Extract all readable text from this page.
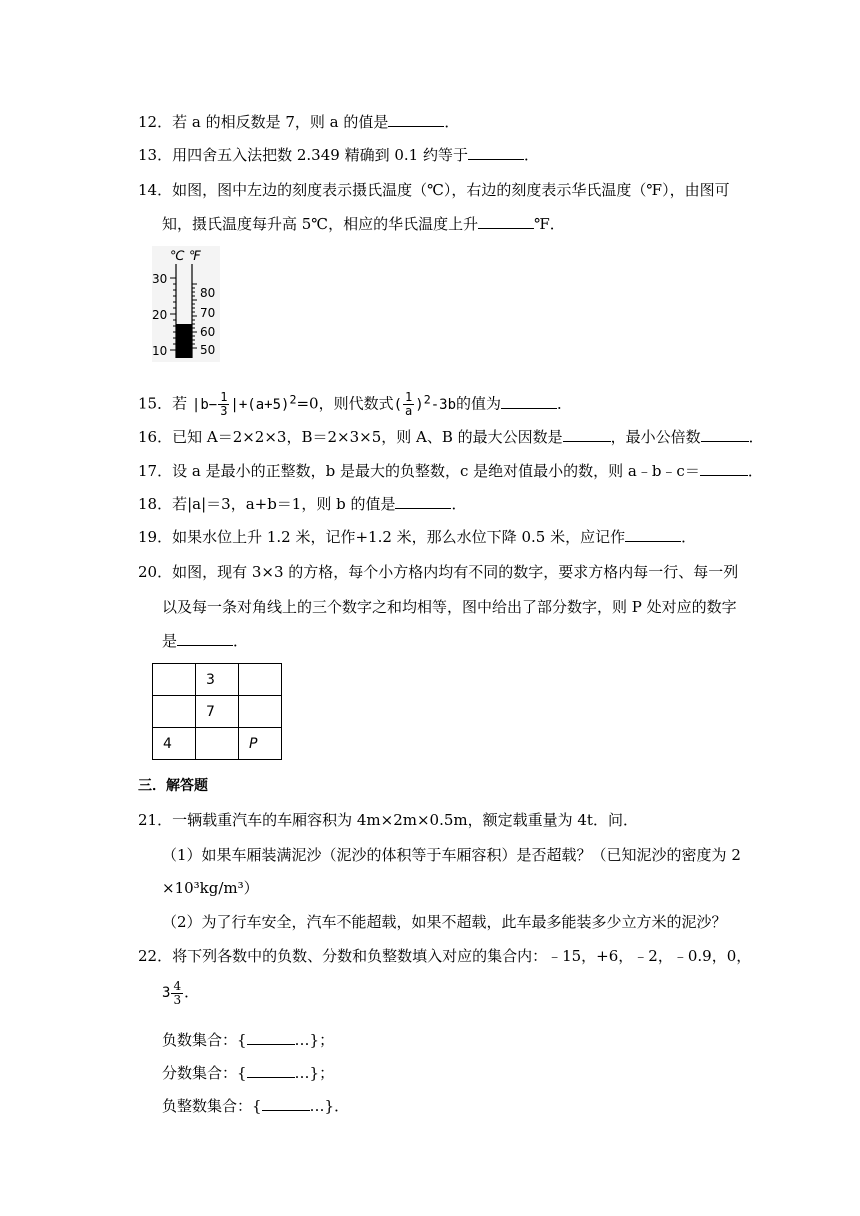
12．若 a 的相反数是 7，则 a 的值是	．
13．用四舍五入法把数 2.349 精确到 0.1 约等于	．
14．如图，图中左边的刻度表示摄氏温度（℃），右边的刻度表示华氏温度（℉），由图可
知，摄氏温度每升高 5℃，相应的华氏温度上升	℉．
℃ ℉
30
20
10
80
70
60
50
15．若 $|b- \frac{1}{3} |+(a+5)^2=0$，则代数式( $\frac{1}{a} )^2-3b$的值为	．
16．已知 A＝2×2×3，B＝2×3×5，则 A、B 的最大公因数是	，最小公倍数	．
17．设 a 是最小的正整数，b 是最大的负整数，c 是绝对值最小的数，则 a﹣b﹣c＝	．
18．若|a|＝3，a+b＝1，则 b 的值是	．
19．如果水位上升 1.2 米，记作+1.2 米，那么水位下降 0.5 米，应记作	．
20．如图，现有 3×3 的方格，每个小方格内均有不同的数字，要求方格内每一行、每一列
以及每一条对角线上的三个数字之和均相等，图中给出了部分数字，则 P 处对应的数字
是	．
	3	
	7	
4		P
三．解答题
21．一辆载重汽车的车厢容积为 4m×2m×0.5m，额定载重量为 4t．问．
（1）如果车厢装满泥沙（泥沙的体积等于车厢容积）是否超载？（已知泥沙的密度为 2
×10³kg/m³）
（2）为了行车安全，汽车不能超载，如果不超载，此车最多能装多少立方米的泥沙？
22．将下列各数中的负数、分数和负整数填入对应的集合内：﹣15，+6，﹣2，﹣0.9，0，
$3 \frac{4}{3}$ ．
负数集合：{	…}；
分数集合：{	…}；
负整数集合：{	…}．
